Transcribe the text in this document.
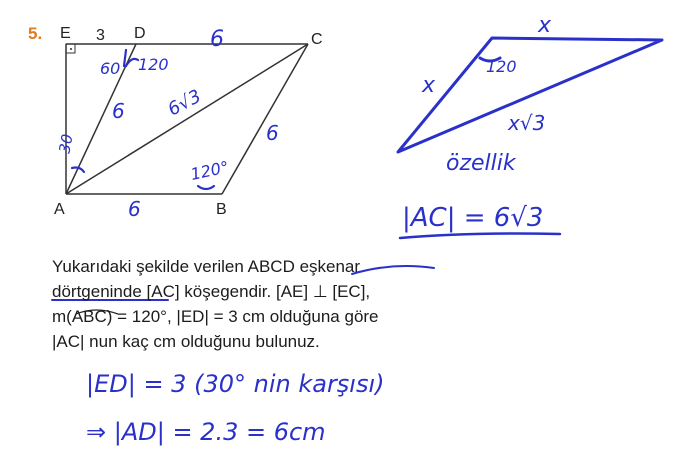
5. E 3 D	C
A	B
6
60 120
6 6√3
6
30
120°
6
x
x
120
x√3
özellik
|AC| = 6√3
|ED| = 3 (30° nin karşısı)
⇒ |AD| = 2.3 = 6cm
Yukarıdaki şekilde verilen ABCD eşkenar
dörtgeninde [AC] köşegendir. [AE] ⊥ [EC],
m(ABC) = 120°, |ED| = 3 cm olduğuna göre
|AC| nun kaç cm olduğunu bulunuz.
